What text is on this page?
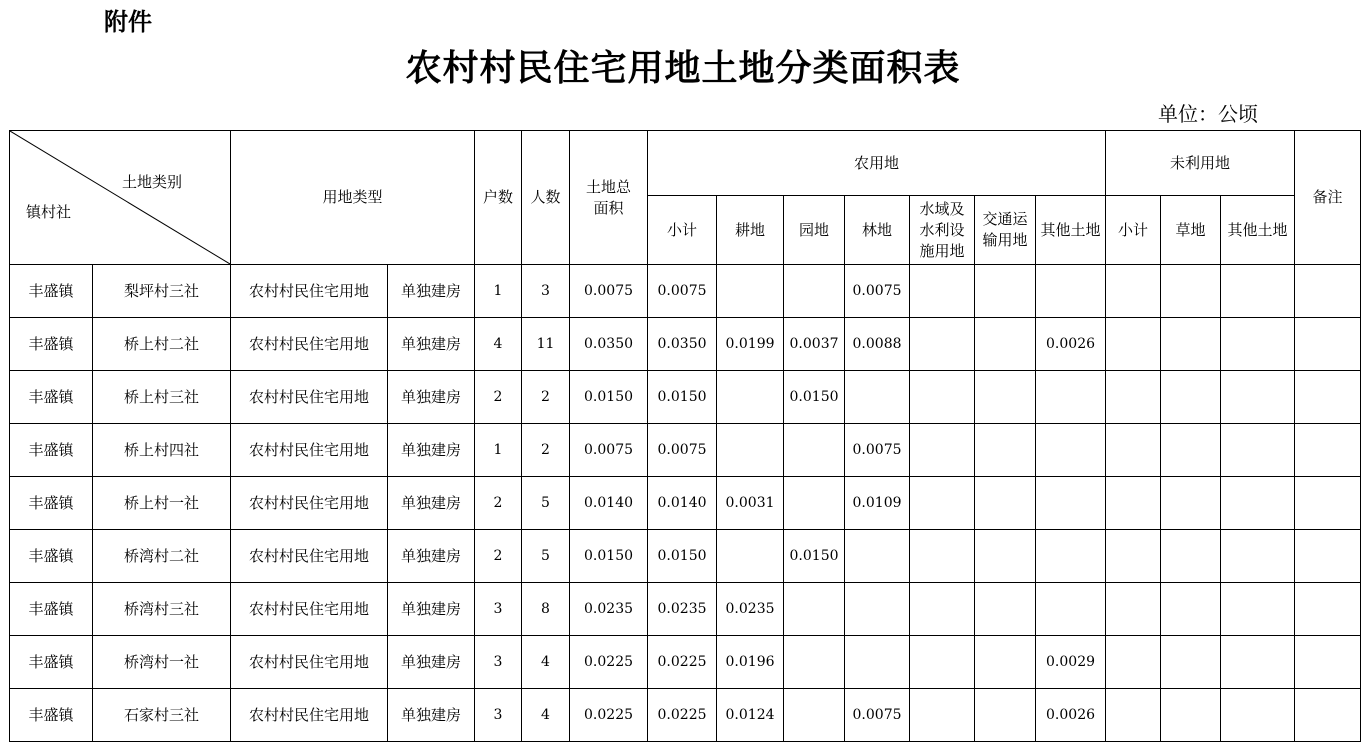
附件
农村村民住宅用地土地分类面积表
单位：公顷
土地类别
镇村社		用地类型		户数	人数	土地总面积	农用地							未利用地			备注
							小计	耕地	园地	林地	水域及水利设施用地	交通运输用地	其他土地	小计	草地	其他土地	
丰盛镇	梨坪村三社	农村村民住宅用地	单独建房	1	3	0.0075	0.0075			0.0075							
丰盛镇	桥上村二社	农村村民住宅用地	单独建房	4	11	0.0350	0.0350	0.0199	0.0037	0.0088			0.0026				
丰盛镇	桥上村三社	农村村民住宅用地	单独建房	2	2	0.0150	0.0150		0.0150								
丰盛镇	桥上村四社	农村村民住宅用地	单独建房	1	2	0.0075	0.0075			0.0075							
丰盛镇	桥上村一社	农村村民住宅用地	单独建房	2	5	0.0140	0.0140	0.0031		0.0109							
丰盛镇	桥湾村二社	农村村民住宅用地	单独建房	2	5	0.0150	0.0150		0.0150								
丰盛镇	桥湾村三社	农村村民住宅用地	单独建房	3	8	0.0235	0.0235	0.0235									
丰盛镇	桥湾村一社	农村村民住宅用地	单独建房	3	4	0.0225	0.0225	0.0196					0.0029				
丰盛镇	石家村三社	农村村民住宅用地	单独建房	3	4	0.0225	0.0225	0.0124		0.0075			0.0026				
